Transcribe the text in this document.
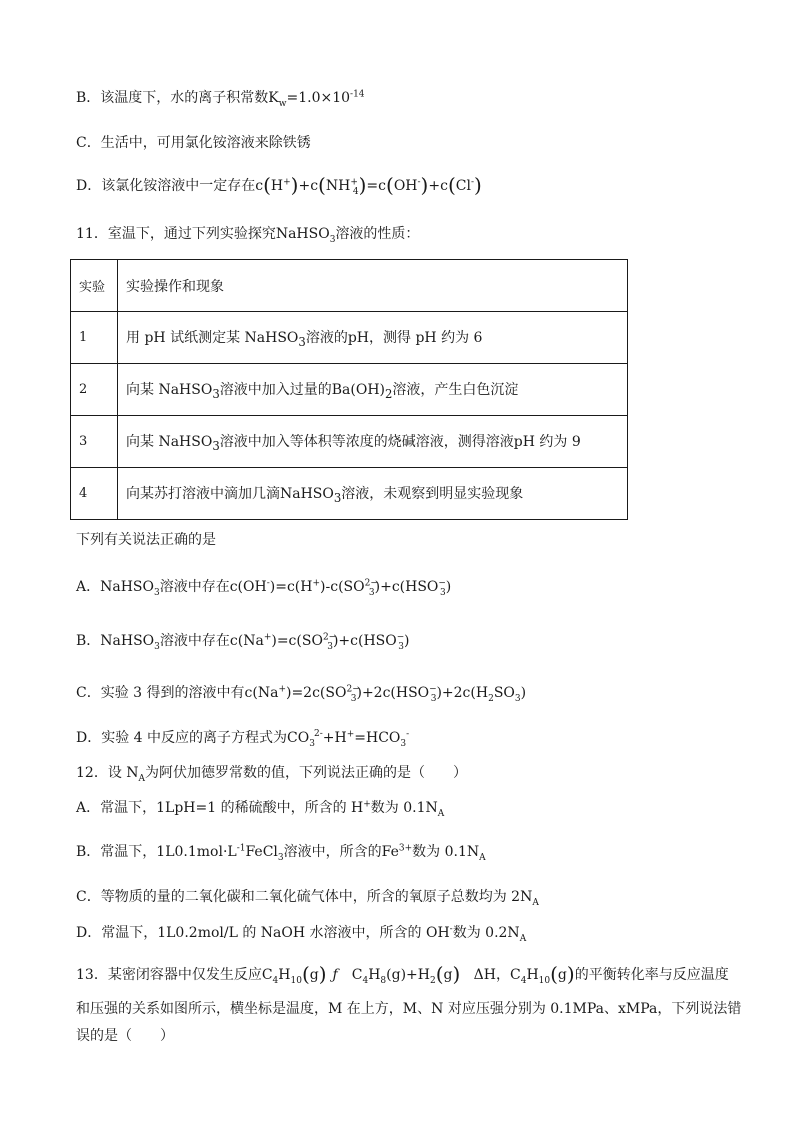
B．该温度下，水的离子积常数$K_w=1.0\times 10^{-14}$
C．生活中，可用氯化铵溶液来除铁锈
D．该氯化铵溶液中一定存在$c(H^+)+c(NH^+_4)=c(OH^-)+c(Cl^-)$
11．室温下，通过下列实验探究NaHSO$_3$溶液的性质：
实验	实验操作和现象
1	用 pH 试纸测定某 NaHSO$_3$溶液的pH，测得 pH 约为 6
2	向某 NaHSO$_3$溶液中加入过量的$Ba(OH)_2$溶液，产生白色沉淀
3	向某 NaHSO$_3$溶液中加入等体积等浓度的烧碱溶液，测得溶液pH 约为 9
4	向某苏打溶液中滴加几滴NaHSO$_3$溶液，未观察到明显实验现象
下列有关说法正确的是
A．NaHSO$_3$溶液中存在$c(OH^-)=c(H^+)-c(SO^{2-}_3)+c(HSO^-_3)$
B．NaHSO$_3$溶液中存在$c(Na^+)=c(SO^{2-}_3)+c(HSO^-_3)$
C．实验 3 得到的溶液中有$c(Na^+)=2c(SO^{2-}_3)+2c(HSO^-_3)+2c(H_2SO_3)$
D．实验 4 中反应的离子方程式为$CO_3^{2-}+H^+=HCO_3^-$
12．设 $N_A$为阿伏加德罗常数的值，下列说法正确的是（　　）
A．常温下，1LpH=1 的稀硫酸中，所含的 H+数为 $0.1N_A$
B．常温下，$1L0.1mol\cdot L^{-1}FeCl_3$溶液中，所含的$Fe^{3+}$数为 $0.1N_A$
C．等物质的量的二氧化碳和二氧化硫气体中，所含的氧原子总数均为 $2N_A$
D．常温下，1L0.2mol/L 的 NaOH 水溶液中，所含的 OH-数为 $0.2N_A$
13．某密闭容器中仅发生反应$C_4H_{10}(g)$ ƒ $C_4H_8(g)+H_2(g)$ ΔH，$C_4H_{10}(g)$的平衡转化率与反应温度
和压强的关系如图所示，横坐标是温度，M 在上方，M、N 对应压强分别为 0.1MPa、xMPa，下列说法错
误的是（　　）
